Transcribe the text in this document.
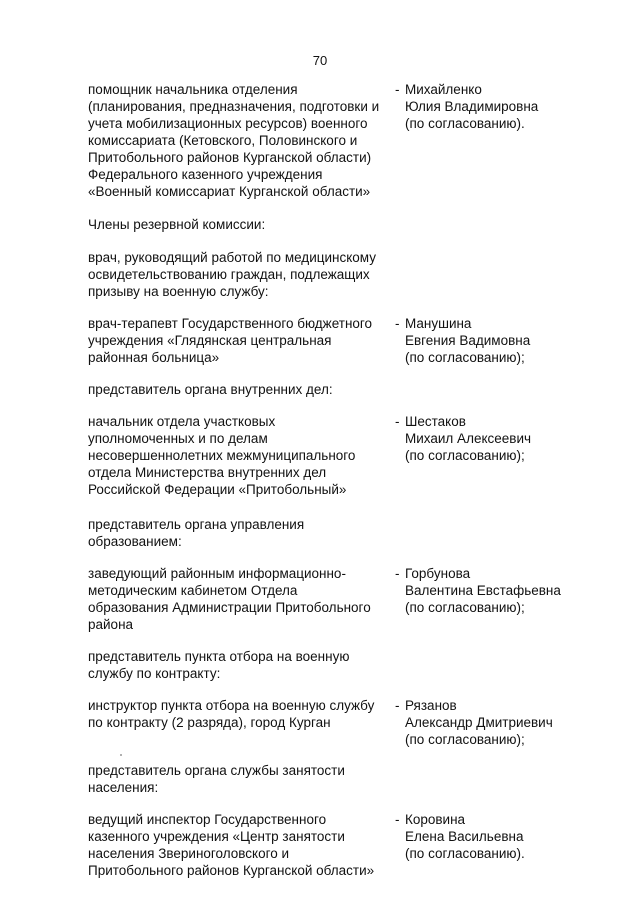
70
помощник начальника отделения
(планирования, предназначения, подготовки и
учета мобилизационных ресурсов) военного
комиссариата (Кетовского, Половинского и
Притобольного районов Курганской области)
Федерального казенного учреждения
«Военный комиссариат Курганской области»
- Михайленко
Юлия Владимировна
(по согласованию).
Члены резервной комиссии:
врач, руководящий работой по медицинскому
освидетельствованию граждан, подлежащих
призыву на военную службу:
врач-терапевт Государственного бюджетного
учреждения «Глядянская центральная
районная больница»
- Манушина
Евгения Вадимовна
(по согласованию);
представитель органа внутренних дел:
начальник отдела участковых
уполномоченных и по делам
несовершеннолетних межмуниципального
отдела Министерства внутренних дел
Российской Федерации «Притобольный»
- Шестаков
Михаил Алексеевич
(по согласованию);
представитель органа управления
образованием:
заведующий районным информационно-
методическим кабинетом Отдела
образования Администрации Притобольного
района
- Горбунова
Валентина Евстафьевна
(по согласованию);
представитель пункта отбора на военную
службу по контракту:
инструктор пункта отбора на военную службу
по контракту (2 разряда), город Курган
- Рязанов
Александр Дмитриевич
(по согласованию);
представитель органа службы занятости
населения:
ведущий инспектор Государственного
казенного учреждения «Центр занятости
населения Звериноголовского и
Притобольного районов Курганской области»
- Коровина
Елена Васильевна
(по согласованию).
